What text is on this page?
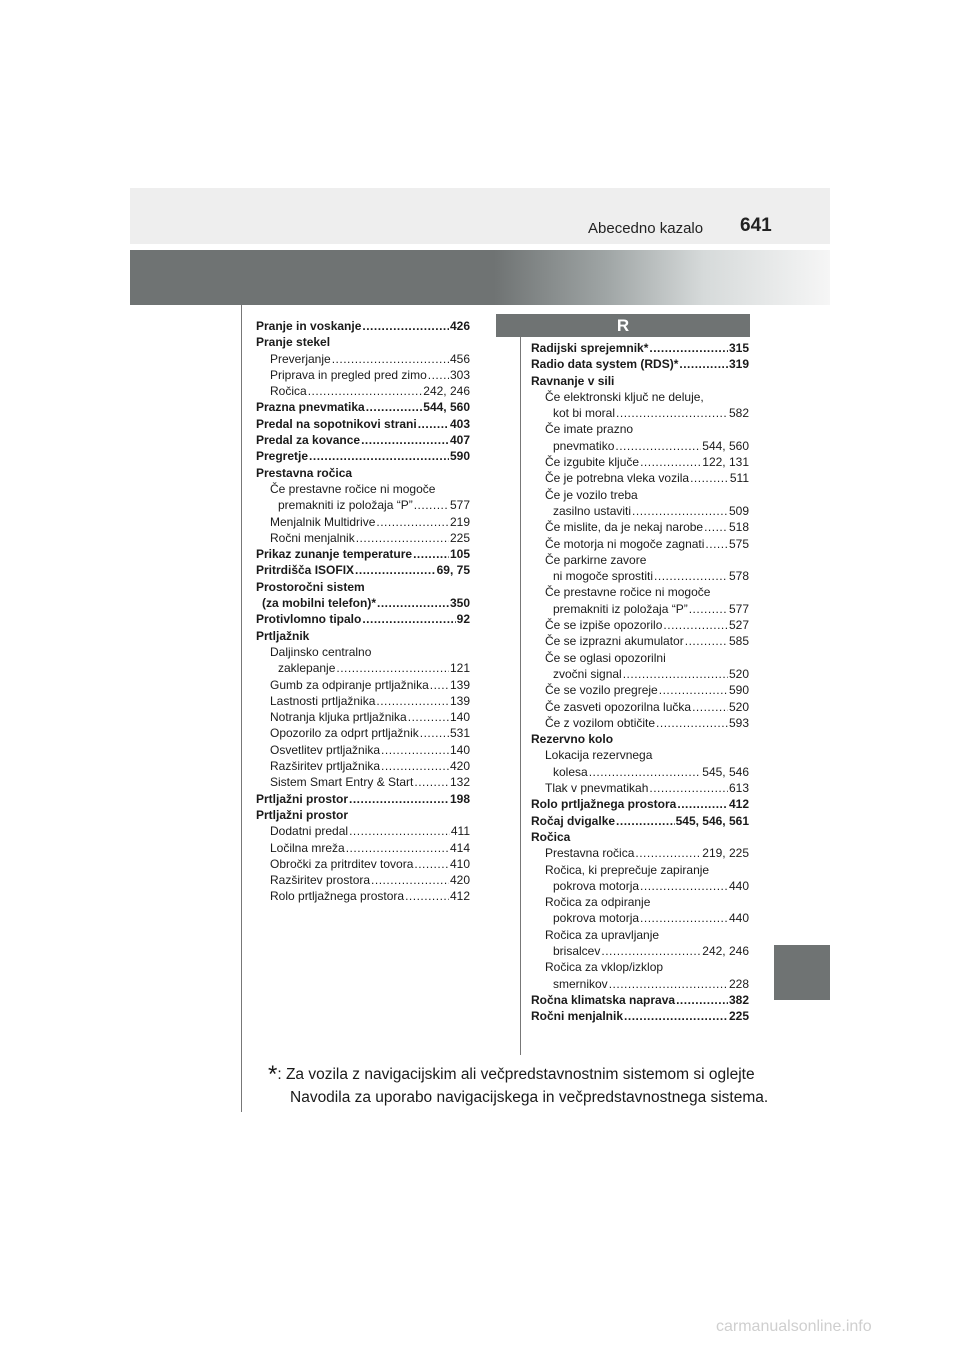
Abecedno kazalo 641
R
Pranje in voskanje .....	426
Pranje stekel
Preverjanje .....	456
Priprava in pregled pred zimo ..... 303
Ročica .....	242, 246
Prazna pnevmatika .....	544, 560
Predal na sopotnikovi strani .....	403
Predal za kovance .....	407
Pregretje .....	590
Prestavna ročica
Če prestavne ročice ni mogoče
premakniti iz položaja “P” .....	577
Menjalnik Multidrive .....	219
Ročni menjalnik .....	225
Prikaz zunanje temperature .....	105
Pritrdišča ISOFIX .....	69, 75
Prostoročni sistem
(za mobilni telefon)* .....	350
Protivlomno tipalo .....	92
Prtljažnik
Daljinsko centralno
zaklepanje .....	121
Gumb za odpiranje prtljažnika ..... 139
Lastnosti prtljažnika .....	139
Notranja kljuka prtljažnika .....	140
Opozorilo za odprt prtljažnik .....	531
Osvetlitev prtljažnika .....	140
Razširitev prtljažnika .....	420
Sistem Smart Entry & Start .....	132
Prtljažni prostor .....	198
Prtljažni prostor
Dodatni predal .....	411
Ločilna mreža .....	414
Obročki za pritrditev tovora .....	410
Razširitev prostora .....	420
Rolo prtljažnega prostora .....	412
Radijski sprejemnik* .....	315
Radio data system (RDS)* .....	319
Ravnanje v sili
Če elektronski ključ ne deluje,
kot bi moral .....	582
Če imate prazno
pnevmatiko .....	544, 560
Če izgubite ključe .....	122, 131
Če je potrebna vleka vozila .....	511
Če je vozilo treba
zasilno ustaviti .....	509
Če mislite, da je nekaj narobe ..... 518
Če motorja ni mogoče zagnati ..... 575
Če parkirne zavore
ni mogoče sprostiti .....	578
Če prestavne ročice ni mogoče
premakniti iz položaja “P” .....	577
Če se izpiše opozorilo .....	527
Če se izprazni akumulator .....	585
Če se oglasi opozorilni
zvočni signal .....	520
Če se vozilo pregreje .....	590
Če zasveti opozorilna lučka .....	520
Če z vozilom obtičite .....	593
Rezervno kolo
Lokacija rezervnega
kolesa .....	545, 546
Tlak v pnevmatikah .....	613
Rolo prtljažnega prostora .....	412
Ročaj dvigalke .....	545, 546, 561
Ročica
Prestavna ročica .....	219, 225
Ročica, ki preprečuje zapiranje
pokrova motorja .....	440
Ročica za odpiranje
pokrova motorja .....	440
Ročica za upravljanje
brisalcev .....	242, 246
Ročica za vklop/izklop
smernikov .....	228
Ročna klimatska naprava .....	382
Ročni menjalnik .....	225
*: Za vozila z navigacijskim ali večpredstavnostnim sistemom si oglejte
Navodila za uporabo navigacijskega in večpredstavnostnega sistema.
carmanualsonline.info
